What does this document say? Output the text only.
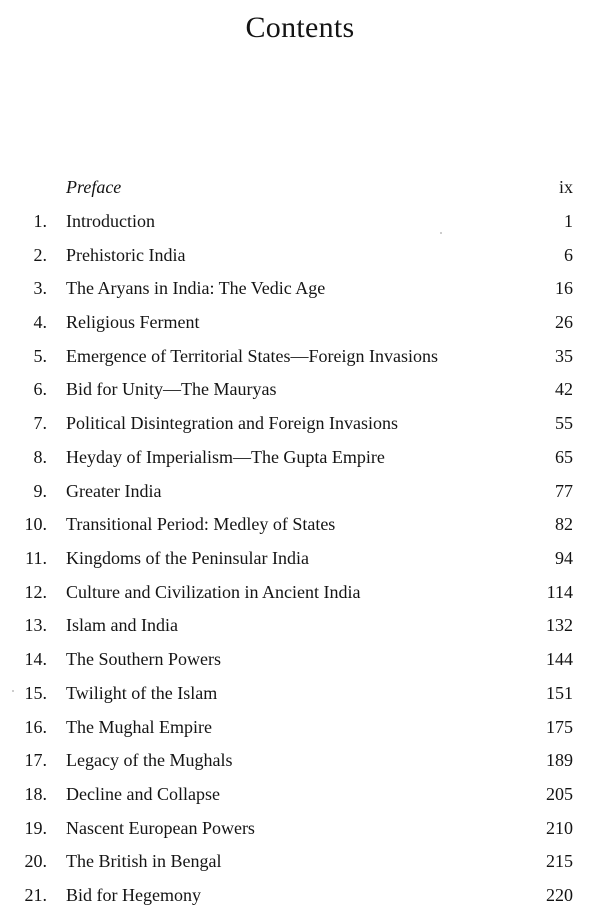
Contents
Preface	ix
1. Introduction	1
2. Prehistoric India	6
3. The Aryans in India: The Vedic Age	16
4. Religious Ferment	26
5. Emergence of Territorial States—Foreign Invasions	35
6. Bid for Unity—The Mauryas	42
7. Political Disintegration and Foreign Invasions	55
8. Heyday of Imperialism—The Gupta Empire	65
9. Greater India	77
10. Transitional Period: Medley of States	82
11. Kingdoms of the Peninsular India	94
12. Culture and Civilization in Ancient India	114
13. Islam and India	132
14. The Southern Powers	144
15. Twilight of the Islam	151
16. The Mughal Empire	175
17. Legacy of the Mughals	189
18. Decline and Collapse	205
19. Nascent European Powers	210
20. The British in Bengal	215
21. Bid for Hegemony	220
